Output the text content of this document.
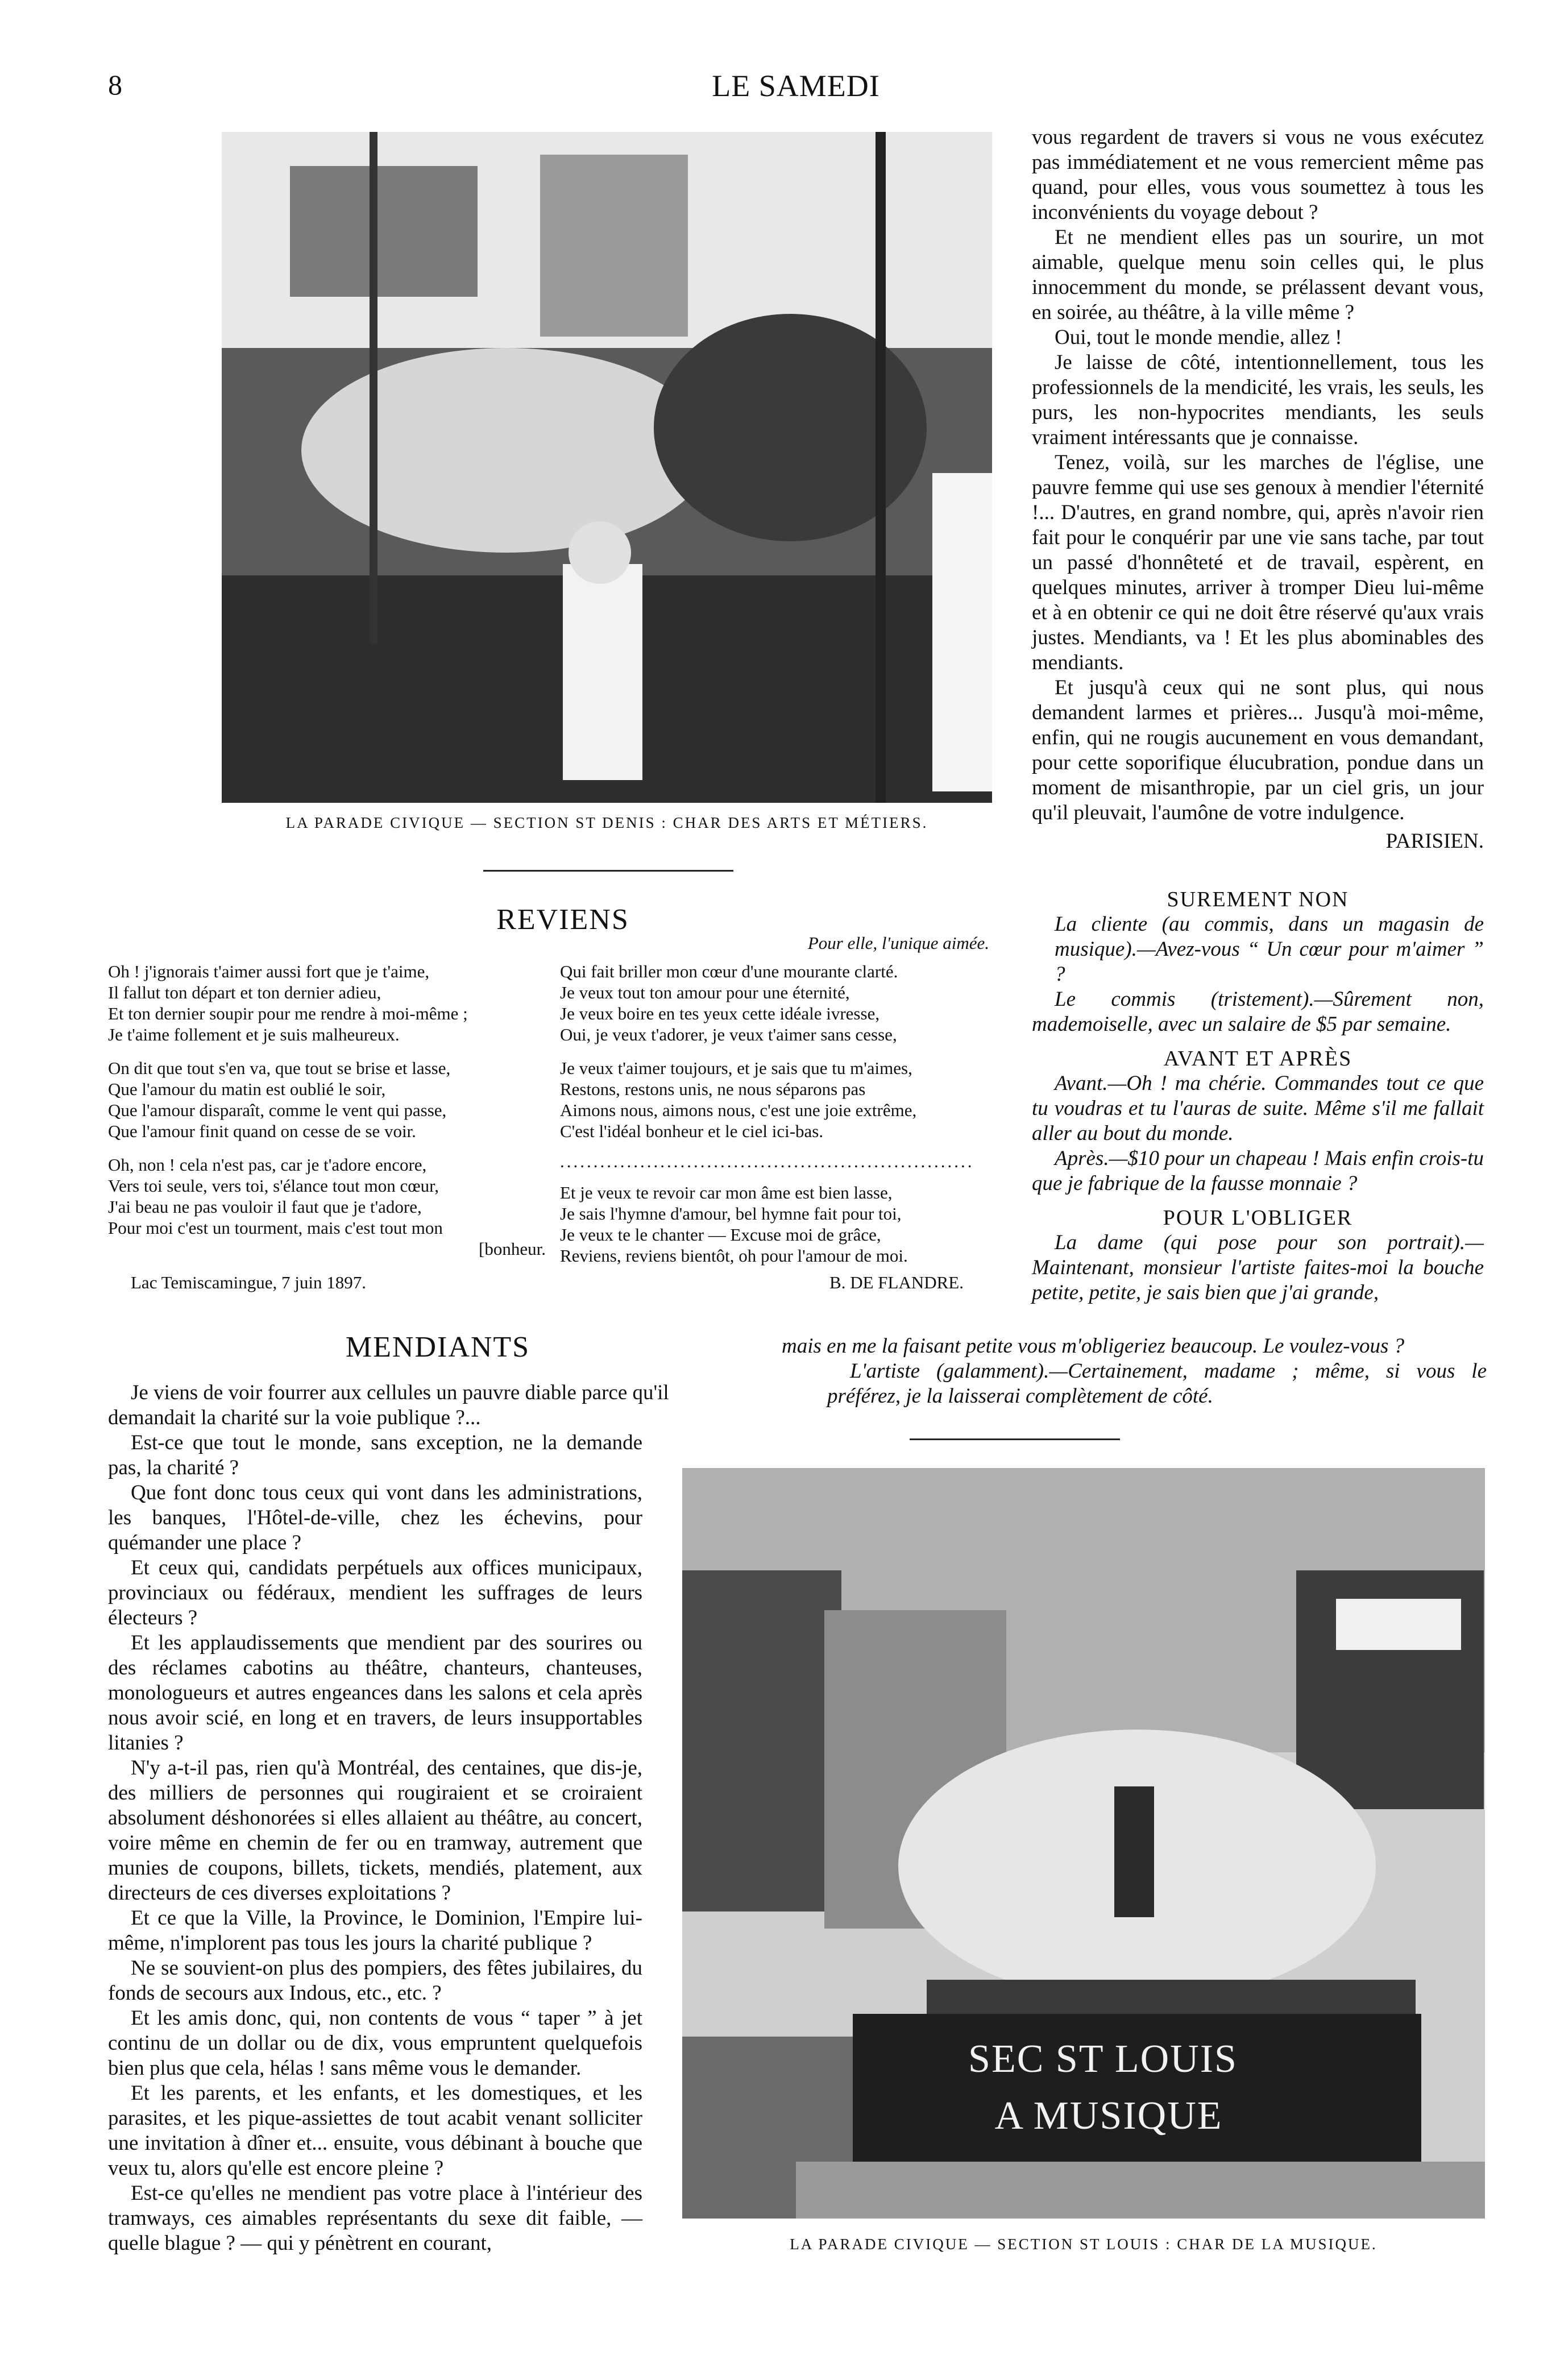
8	LE SAMEDI
LA PARADE CIVIQUE — SECTION ST DENIS : CHAR DES ARTS ET MÉTIERS.

vous regardent de travers si vous ne vous exécutez pas immédiatement et ne vous remercient même pas quand, pour elles, vous vous soumettez à tous les inconvénients du voyage debout ?

Et ne mendient elles pas un sourire, un mot aimable, quelque menu soin celles qui, le plus innocemment du monde, se prélassent devant vous, en soirée, au théâtre, à la ville même ?

Oui, tout le monde mendie, allez !

Je laisse de côté, intentionnellement, tous les professionnels de la mendicité, les vrais, les seuls, les purs, les non-hypocrites mendiants, les seuls vraiment intéressants que je connaisse.

Tenez, voilà, sur les marches de l'église, une pauvre femme qui use ses genoux à mendier l'éternité !... D'autres, en grand nombre, qui, après n'avoir rien fait pour le conquérir par une vie sans tache, par tout un passé d'honnêteté et de travail, espèrent, en quelques minutes, arriver à tromper Dieu lui-même et à en obtenir ce qui ne doit être réservé qu'aux vrais justes. Mendiants, va ! Et les plus abominables des mendiants.

Et jusqu'à ceux qui ne sont plus, qui nous demandent larmes et prières... Jusqu'à moi-même, enfin, qui ne rougis aucunement en vous demandant, pour cette soporifique élucubration, pondue dans un moment de misanthropie, par un ciel gris, un jour qu'il pleuvait, l'aumône de votre indulgence.

PARISIEN.
REVIENS
Pour elle, l'unique aimée.
Oh ! j'ignorais t'aimer aussi fort que je t'aime,
Il fallut ton départ et ton dernier adieu,
Et ton dernier soupir pour me rendre à moi-même ;
Je t'aime follement et je suis malheureux.
On dit que tout s'en va, que tout se brise et lasse,
Que l'amour du matin est oublié le soir,
Que l'amour disparaît, comme le vent qui passe,
Que l'amour finit quand on cesse de se voir.
Oh, non ! cela n'est pas, car je t'adore encore,
Vers toi seule, vers toi, s'élance tout mon cœur,
J'ai beau ne pas vouloir il faut que je t'adore,
Pour moi c'est un tourment, mais c'est tout mon
[bonheur.
Lac Temiscamingue, 7 juin 1897.
Qui fait briller mon cœur d'une mourante clarté.
Je veux tout ton amour pour une éternité,
Je veux boire en tes yeux cette idéale ivresse,
Oui, je veux t'adorer, je veux t'aimer sans cesse,
Je veux t'aimer toujours, et je sais que tu m'aimes,
Restons, restons unis, ne nous séparons pas
Aimons nous, aimons nous, c'est une joie extrême,
C'est l'idéal bonheur et le ciel ici-bas.
..............................................................
Et je veux te revoir car mon âme est bien lasse,
Je sais l'hymne d'amour, bel hymne fait pour toi,
Je veux te le chanter — Excuse moi de grâce,
Reviens, reviens bientôt, oh pour l'amour de moi.
B. DE FLANDRE.
SUREMENT NON

La cliente (au commis, dans un magasin de musique).—Avez-vous “ Un cœur pour m'aimer ” ?

Le commis (tristement).—Sûrement non, mademoiselle, avec un salaire de $5 par semaine.

AVANT ET APRÈS

Avant.—Oh ! ma chérie. Commandes tout ce que tu voudras et tu l'auras de suite. Même s'il me fallait aller au bout du monde.

Après.—$10 pour un chapeau ! Mais enfin crois-tu que je fabrique de la fausse monnaie ?

POUR L'OBLIGER

La dame (qui pose pour son portrait).—Maintenant, monsieur l'artiste faites-moi la bouche petite, petite, je sais bien que j'ai grande,

MENDIANTS	mais en me la faisant petite vous m'obligeriez beaucoup. Le voulez-vous ?

L'artiste (galamment).—Certainement, madame ; même, si vous le préférez, je la laisserai complètement de côté.

Je viens de voir fourrer aux cellules un pauvre diable parce qu'il

demandait la charité sur la voie publique ?...

Est-ce que tout le monde, sans exception, ne la demande pas, la charité ?

Que font donc tous ceux qui vont dans les administrations, les banques, l'Hôtel-de-ville, chez les échevins, pour quémander une place ?

Et ceux qui, candidats perpétuels aux offices municipaux, provinciaux ou fédéraux, mendient les suffrages de leurs électeurs ?

Et les applaudissements que mendient par des sourires ou des réclames cabotins au théâtre, chanteurs, chanteuses, monologueurs et autres engeances dans les salons et cela après nous avoir scié, en long et en travers, de leurs insupportables litanies ?

N'y a-t-il pas, rien qu'à Montréal, des centaines, que dis-je, des milliers de personnes qui rougiraient et se croiraient absolument déshonorées si elles allaient au théâtre, au concert, voire même en chemin de fer ou en tramway, autrement que munies de coupons, billets, tickets, mendiés, platement, aux directeurs de ces diverses exploitations ?

Et ce que la Ville, la Province, le Dominion, l'Empire lui-même, n'implorent pas tous les jours la charité publique ?

Ne se souvient-on plus des pompiers, des fêtes jubilaires, du fonds de secours aux Indous, etc., etc. ?

Et les amis donc, qui, non contents de vous “ taper ” à jet continu de un dollar ou de dix, vous empruntent quelquefois bien plus que cela, hélas ! sans même vous le demander.

Et les parents, et les enfants, et les domestiques, et les parasites, et les pique-assiettes de tout acabit venant solliciter une invitation à dîner et... ensuite, vous débinant à bouche que veux tu, alors qu'elle est encore pleine ?

Est-ce qu'elles ne mendient pas votre place à l'intérieur des tramways, ces aimables représentants du sexe dit faible, — quelle blague ? — qui y pénètrent en courant,

SEC ST LOUIS
A MUSIQUE
LA PARADE CIVIQUE — SECTION ST LOUIS : CHAR DE LA MUSIQUE.
